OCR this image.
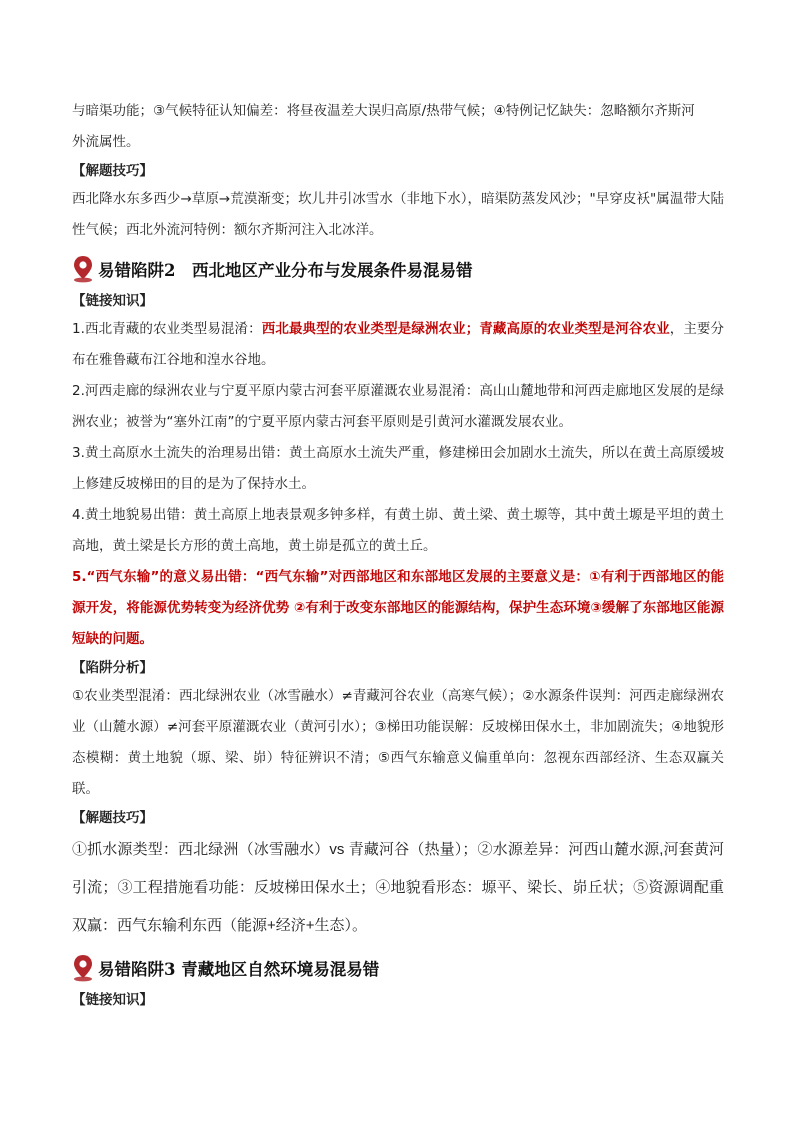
与暗渠功能；③气候特征认知偏差：将昼夜温差大误归高原/热带气候；④特例记忆缺失：忽略额尔齐斯河

外流属性。

【解题技巧】

西北降水东多西少→草原→荒漠渐变；坎儿井引冰雪水（非地下水），暗渠防蒸发风沙；"早穿皮袄"属温带大陆性气候；西北外流河特例：额尔齐斯河注入北冰洋。

易错陷阱2　西北地区产业分布与发展条件易混易错
【链接知识】

1.西北青藏的农业类型易混淆：西北最典型的农业类型是绿洲农业；青藏高原的农业类型是河谷农业，主要分布在雅鲁藏布江谷地和湟水谷地。

2.河西走廊的绿洲农业与宁夏平原内蒙古河套平原灌溉农业易混淆：高山山麓地带和河西走廊地区发展的是绿洲农业；被誉为“塞外江南”的宁夏平原内蒙古河套平原则是引黄河水灌溉发展农业。

3.黄土高原水土流失的治理易出错：黄土高原水土流失严重，修建梯田会加剧水土流失，所以在黄土高原缓坡上修建反坡梯田的目的是为了保持水土。

4.黄土地貌易出错：黄土高原上地表景观多钟多样，有黄土峁、黄土梁、黄土塬等，其中黄土塬是平坦的黄土高地，黄土梁是长方形的黄土高地，黄土峁是孤立的黄土丘。

5.“西气东输”的意义易出错：“西气东输”对西部地区和东部地区发展的主要意义是：①有利于西部地区的能源开发，将能源优势转变为经济优势 ②有利于改变东部地区的能源结构，保护生态环境③缓解了东部地区能源短缺的问题。

【陷阱分析】

①农业类型混淆：西北绿洲农业（冰雪融水）≠青藏河谷农业（高寒气候）；②水源条件误判：河西走廊绿洲农业（山麓水源）≠河套平原灌溉农业（黄河引水）；③梯田功能误解：反坡梯田保水土，非加剧流失；④地貌形态模糊：黄土地貌（塬、梁、峁）特征辨识不清；⑤西气东输意义偏重单向：忽视东西部经济、生态双赢关联。

【解题技巧】

①抓水源类型：西北绿洲（冰雪融水）vs 青藏河谷（热量）；②水源差异：河西山麓水源,河套黄河引流；③工程措施看功能：反坡梯田保水土；④地貌看形态：塬平、梁长、峁丘状；⑤资源调配重双赢：西气东输利东西（能源+经济+生态）。

易错陷阱3 青藏地区自然环境易混易错
【链接知识】
